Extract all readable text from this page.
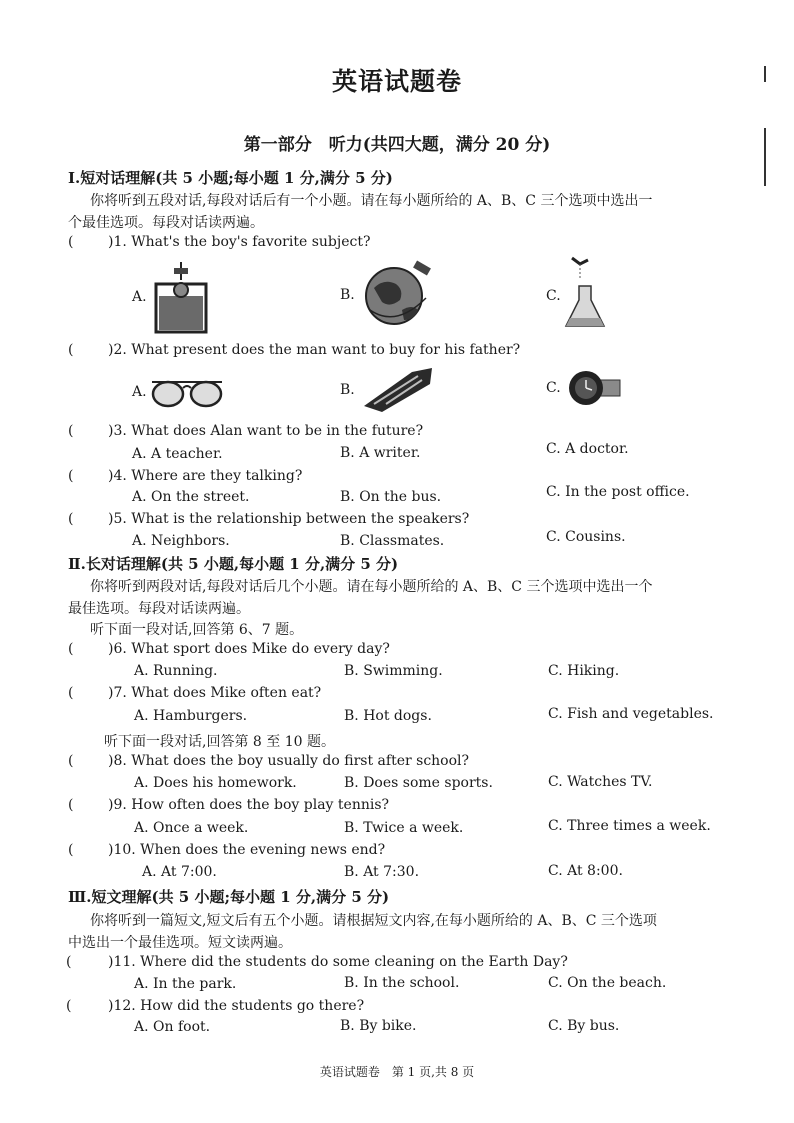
英语试题卷
第一部分　听力(共四大题，满分 20 分)
Ⅰ.短对话理解(共 5 小题;每小题 1 分,满分 5 分)
你将听到五段对话,每段对话后有一个小题。请在每小题所给的 A、B、C 三个选项中选出一
个最佳选项。每段对话读两遍。
( )1. What's the boy's favorite subject?
A.	B.	C.
( )2. What present does the man want to buy for his father?
A.	B.	C.
( )3. What does Alan want to be in the future?
A. A teacher.	B. A writer.	C. A doctor.
( )4. Where are they talking?
A. On the street.	B. On the bus.	C. In the post office.
( )5. What is the relationship between the speakers?
A. Neighbors.	B. Classmates.	C. Cousins.
Ⅱ.长对话理解(共 5 小题,每小题 1 分,满分 5 分)
你将听到两段对话,每段对话后几个小题。请在每小题所给的 A、B、C 三个选项中选出一个
最佳选项。每段对话读两遍。
听下面一段对话,回答第 6、7 题。
( )6. What sport does Mike do every day?
A. Running.	B. Swimming.	C. Hiking.
( )7. What does Mike often eat?
A. Hamburgers.	B. Hot dogs.	C. Fish and vegetables.
听下面一段对话,回答第 8 至 10 题。
( )8. What does the boy usually do first after school?
A. Does his homework.	B. Does some sports.	C. Watches TV.
( )9. How often does the boy play tennis?
A. Once a week.	B. Twice a week.	C. Three times a week.
( )10. When does the evening news end?
A. At 7:00.	B. At 7:30.	C. At 8:00.
Ⅲ.短文理解(共 5 小题;每小题 1 分,满分 5 分)
你将听到一篇短文,短文后有五个小题。请根据短文内容,在每小题所给的 A、B、C 三个选项
中选出一个最佳选项。短文读两遍。
(	)11. Where did the students do some cleaning on the Earth Day?
A. In the park.	B. In the school.	C. On the beach.
(	)12. How did the students go there?
A. On foot.	B. By bike.	C. By bus.
英语试题卷　第 1 页,共 8 页
